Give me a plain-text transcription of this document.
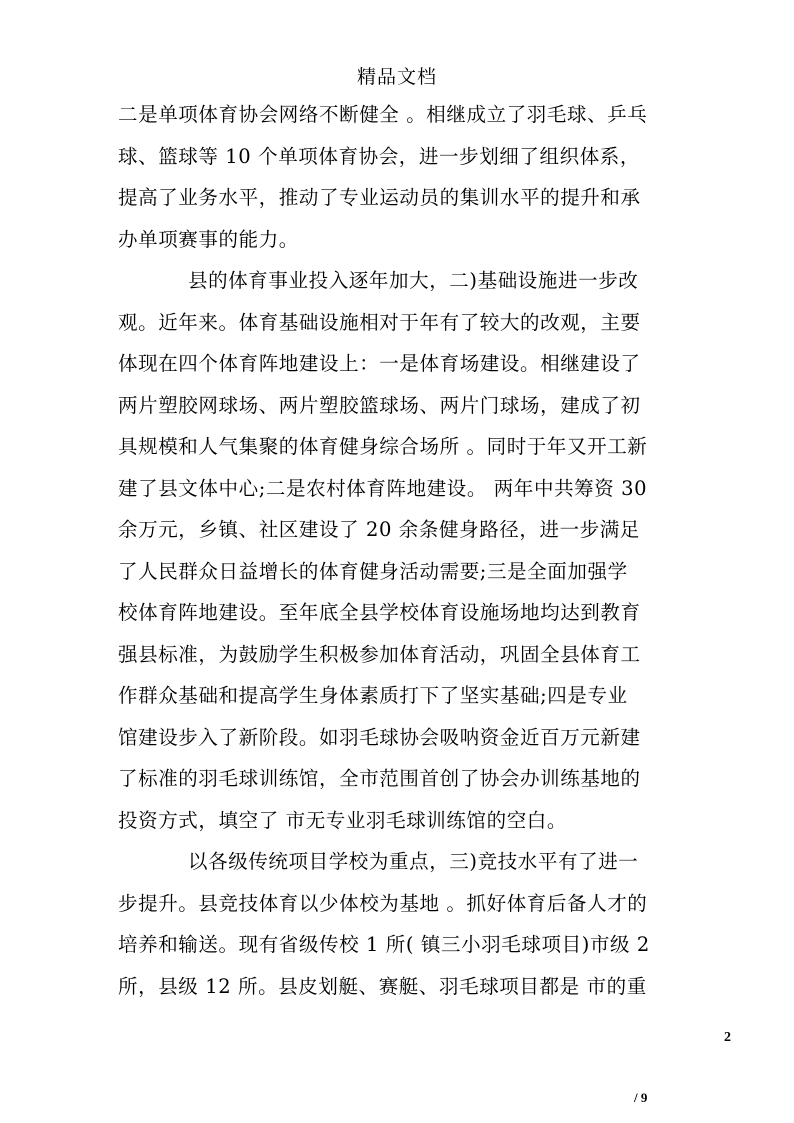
精品文档
二是单项体育协会网络不断健全 。相继成立了羽毛球、乒乓
球、篮球等 10 个单项体育协会，进一步划细了组织体系，
提高了业务水平，推动了专业运动员的集训水平的提升和承
办单项赛事的能力。
县的体育事业投入逐年加大，二)基础设施进一步改
观。近年来。体育基础设施相对于年有了较大的改观，主要
体现在四个体育阵地建设上：一是体育场建设。相继建设了
两片塑胶网球场、两片塑胶篮球场、两片门球场，建成了初
具规模和人气集聚的体育健身综合场所 。同时于年又开工新
建了县文体中心;二是农村体育阵地建设。 两年中共筹资 30
余万元，乡镇、社区建设了 20 余条健身路径，进一步满足
了人民群众日益增长的体育健身活动需要;三是全面加强学
校体育阵地建设。至年底全县学校体育设施场地均达到教育
强县标准，为鼓励学生积极参加体育活动，巩固全县体育工
作群众基础和提高学生身体素质打下了坚实基础;四是专业
馆建设步入了新阶段。如羽毛球协会吸呐资金近百万元新建
了标准的羽毛球训练馆，全市范围首创了协会办训练基地的
投资方式，填空了 市无专业羽毛球训练馆的空白。
以各级传统项目学校为重点，三)竞技水平有了进一
步提升。县竞技体育以少体校为基地 。抓好体育后备人才的
培养和输送。现有省级传校 1 所( 镇三小羽毛球项目)市级 2
所，县级 12 所。县皮划艇、赛艇、羽毛球项目都是 市的重
2
/ 9
